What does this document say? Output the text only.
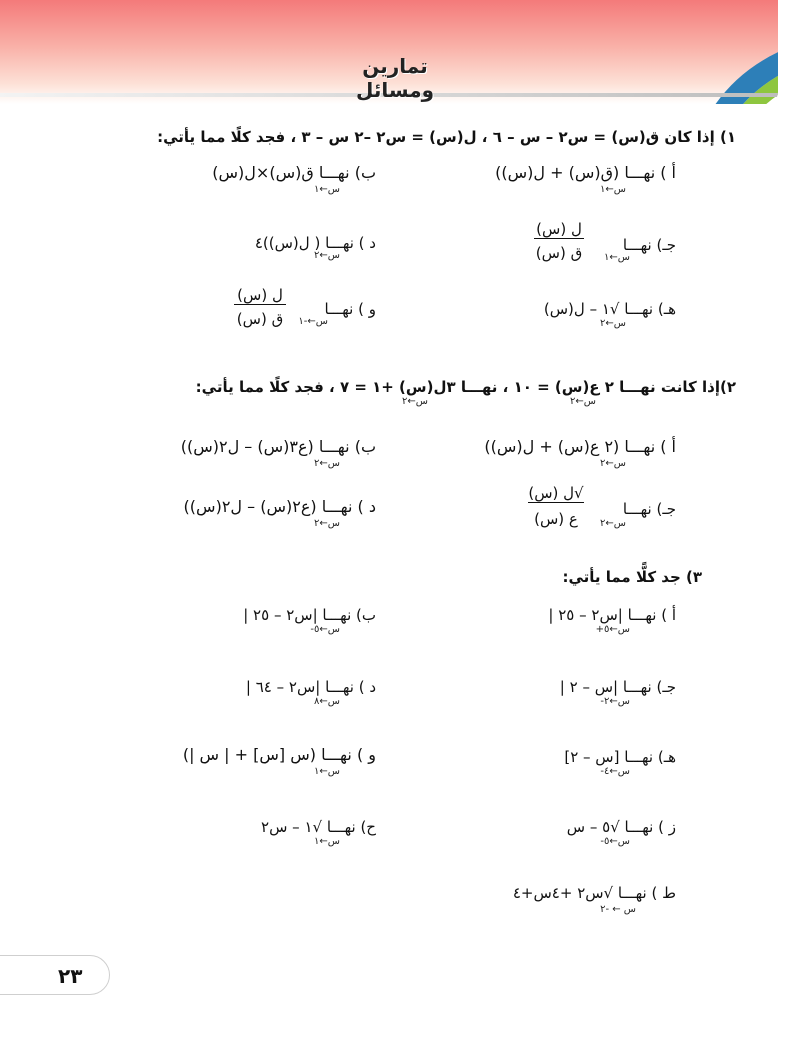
تمارين ومسائل
١) إذا كان ق(س) = س٢ – س – ٦ ، ل(س) = س٢ –٢ س – ٣ ، فجد كلًا مما يأتي:
أ ) نهـــا (ق(س) + ل(س))
س←١
ب) نهـــا ق(س)×ل(س)
س←١
جـ) نهـــا
ل (س)
ق (س) س←١
د ) نهـــا ( ل(س))٤
س←٢
هـ) نهـــا √١ – ل(س)
س←٢
و ) نهـــا
ل (س)
ق (س) س←-١
٢)إذا كانت نهـــا ٢ ع(س) = ١٠ ، نهـــا ٣ل(س) +١ = ٧ ، فجد كلًا مما يأتي:
س←٢
س←٢
أ ) نهـــا (٢ ع(س) + ل(س))
س←٢
ب) نهـــا (ع٣(س) – ل٢(س))
س←٢
جـ) نهـــا
√ل (س)
ع (س)	س←٢
د ) نهـــا (ع٢(س) – ل٢(س))
س←٢
٣) جد كلًّا مما يأتي:
أ ) نهـــا |س٢ – ٢٥ |
س←٥+
ب) نهـــا |س٢ – ٢٥ |
س←٥-
جـ) نهـــا |س – ٢ |
س←٢-
د ) نهـــا |س٢ – ٦٤ |
س←٨
هـ) نهـــا [س – ٢]
س←٤-
و ) نهـــا (س [س] + | س |)
س←١
ز ) نهـــا √٥ – س
س←٥-
ح) نهـــا √١ – س٢
س←١
ط ) نهـــا √س٢ +٤س+٤
س ← -٢
٢٣
